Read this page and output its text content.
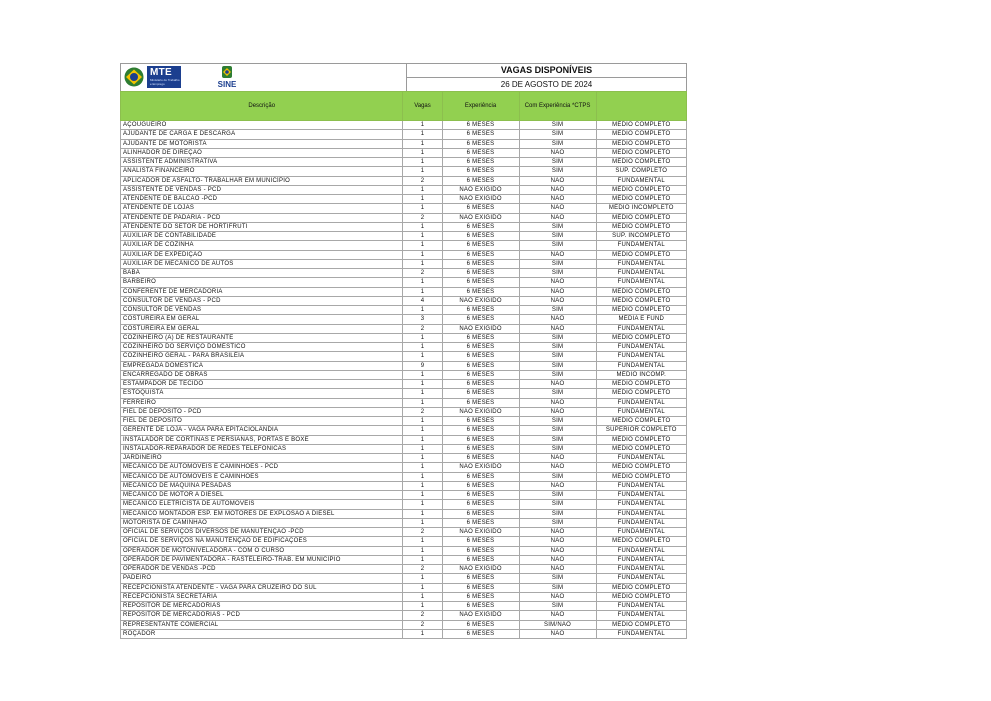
MTE
Ministério do Trabalho e Emprego	SINE
VAGAS DISPONÍVEIS
26 DE AGOSTO DE 2024
Descrição	Vagas	Experiência	Com Experiência *CTPS	
AÇOUGUEIRO	1	6 MESES	SIM	MÉDIO COMPLETO
AJUDANTE DE CARGA E DESCARGA	1	6 MESES	SIM	MÉDIO COMPLETO
AJUDANTE DE MOTORISTA	1	6 MESES	SIM	MÉDIO COMPLETO
ALINHADOR DE DIREÇÃO	1	6 MESES	NÃO	MÉDIO COMPLETO
ASSISTENTE ADMINISTRATIVA	1	6 MESES	SIM	MÉDIO COMPLETO
ANALISTA FINANCEIRO	1	6 MESES	SIM	SUP. COMPLETO
APLICADOR DE ASFALTO- TRABALHAR EM MUNICÍPIO	2	6 MESES	NÃO	FUNDAMENTAL
ASSISTENTE DE VENDAS - PCD	1	NÃO EXIGIDO	NÃO	MÉDIO COMPLETO
ATENDENTE DE BALCÃO -PCD	1	NÃO EXIGIDO	NÃO	MÉDIO COMPLETO
ATENDENTE DE LOJAS	1	6 MESES	NÃO	MÉDIO INCOMPLETO
ATENDENTE DE PADARIA - PCD	2	NÃO EXIGIDO	NÃO	MÉDIO COMPLETO
ATENDENTE DO SETOR DE HORTIFRUTI	1	6 MESES	SIM	MÉDIO COMPLETO
AUXILIAR DE CONTABILIDADE	1	6 MESES	SIM	SUP. INCOMPLETO
AUXILIAR DE COZINHA	1	6 MESES	SIM	FUNDAMENTAL
AUXILIAR DE EXPEDIÇÃO	1	6 MESES	NÃO	MÉDIO COMPLETO
AUXILIAR DE MECÂNICO DE AUTOS	1	6 MESES	SIM	FUNDAMENTAL
BABÁ	2	6 MESES	SIM	FUNDAMENTAL
BARBEIRO	1	6 MESES	NÃO	FUNDAMENTAL
CONFERENTE DE MERCADORIA	1	6 MESES	NÃO	MÉDIO COMPLETO
CONSULTOR DE VENDAS - PCD	4	NÃO EXIGIDO	NÃO	MÉDIO COMPLETO
CONSULTOR DE VENDAS	1	6 MESES	SIM	MÉDIO COMPLETO
COSTUREIRA EM GERAL	3	6 MESES	NÃO	MÉDIA E FUND
COSTUREIRA EM GERAL	2	NÃO EXIGIDO	NÃO	FUNDAMENTAL
COZINHEIRO (A) DE RESTAURANTE	1	6 MESES	SIM	MÉDIO COMPLETO
COZINHEIRO DO SERVIÇO DOMÉSTICO	1	6 MESES	SIM	FUNDAMENTAL
COZINHEIRO GERAL - PARA BRASILÉIA	1	6 MESES	SIM	FUNDAMENTAL
EMPREGADA DOMÉSTICA	9	6 MESES	SIM	FUNDAMENTAL
ENCARREGADO DE OBRAS	1	6 MESES	SIM	MÉDIO INCOMP.
ESTAMPADOR DE TECIDO	1	6 MESES	NÃO	MÉDIO COMPLETO
ESTOQUISTA	1	6 MESES	SIM	MÉDIO COMPLETO
FERREIRO	1	6 MESES	NÃO	FUNDAMENTAL
FIEL DE DEPÓSITO - PCD	2	NÃO EXIGIDO	NÃO	FUNDAMENTAL
FIEL DE DEPOSITO	1	6 MESES	SIM	MÉDIO COMPLETO
GERENTE DE LOJA - VAGA PARA EPITACIOLÂNDIA	1	6 MESES	SIM	SUPERIOR COMPLETO
INSTALADOR DE CORTINAS E PERSIANAS, PORTAS E BOXE	1	6 MESES	SIM	MÉDIO COMPLETO
INSTALADOR-REPARADOR DE REDES TELEFÔNICAS	1	6 MESES	SIM	MÉDIO COMPLETO
JARDINEIRO	1	6 MESES	NÃO	FUNDAMENTAL
MECÂNICO DE AUTOMÓVEIS E CAMINHÕES - PCD	1	NÃO EXIGIDO	NÃO	MÉDIO COMPLETO
MECÂNICO DE AUTOMÓVEIS E CAMINHÕES	1	6 MESES	SIM	MÉDIO COMPLETO
MECÂNICO DE MÁQUINA PESADAS	1	6 MESES	NÃO	FUNDAMENTAL
MECÂNICO DE MOTOR A DIESEL	1	6 MESES	SIM	FUNDAMENTAL
MECÂNICO ELETRICISTA DE AUTOMÓVEIS	1	6 MESES	SIM	FUNDAMENTAL
MECÂNICO MONTADOR ESP. EM MOTORES DE EXPLOSÃO A DIESEL	1	6 MESES	SIM	FUNDAMENTAL
MOTORISTA DE CAMINHÃO	1	6 MESES	SIM	FUNDAMENTAL
OFICIAL DE SERVIÇOS DIVERSOS DE MANUTENÇÃO -PCD	2	NÃO EXIGIDO	NÃO	FUNDAMENTAL
OFICIAL DE SERVIÇOS NA MANUTENÇÃO DE EDIFICAÇÕES	1	6 MESES	NÃO	MÉDIO COMPLETO
OPERADOR DE MOTONIVELADORA - COM O CURSO	1	6 MESES	NÃO	FUNDAMENTAL
OPERADOR DE PAVIMENTADORA - RASTELEIRO-TRAB. EM MUNICÍPIO	1	6 MESES	NÃO	FUNDAMENTAL
OPERADOR DE VENDAS -PCD	2	NÃO EXIGIDO	NÃO	FUNDAMENTAL
PADEIRO	1	6 MESES	SIM	FUNDAMENTAL
RECEPCIONISTA ATENDENTE - VAGA PARA CRUZEIRO DO SUL	1	6 MESES	SIM	MÉDIO COMPLETO
RECEPCIONISTA SECRETÁRIA	1	6 MESES	NÃO	MÉDIO COMPLETO
REPOSITOR DE MERCADORIAS	1	6 MESES	SIM	FUNDAMENTAL
REPOSITOR DE MERCADORIAS - PCD	2	NÃO EXIGIDO	NÃO	FUNDAMENTAL
REPRESENTANTE COMERCIAL	2	6 MESES	SIM/NÃO	MÉDIO COMPLETO
ROÇADOR	1	6 MESES	NÃO	FUNDAMENTAL
